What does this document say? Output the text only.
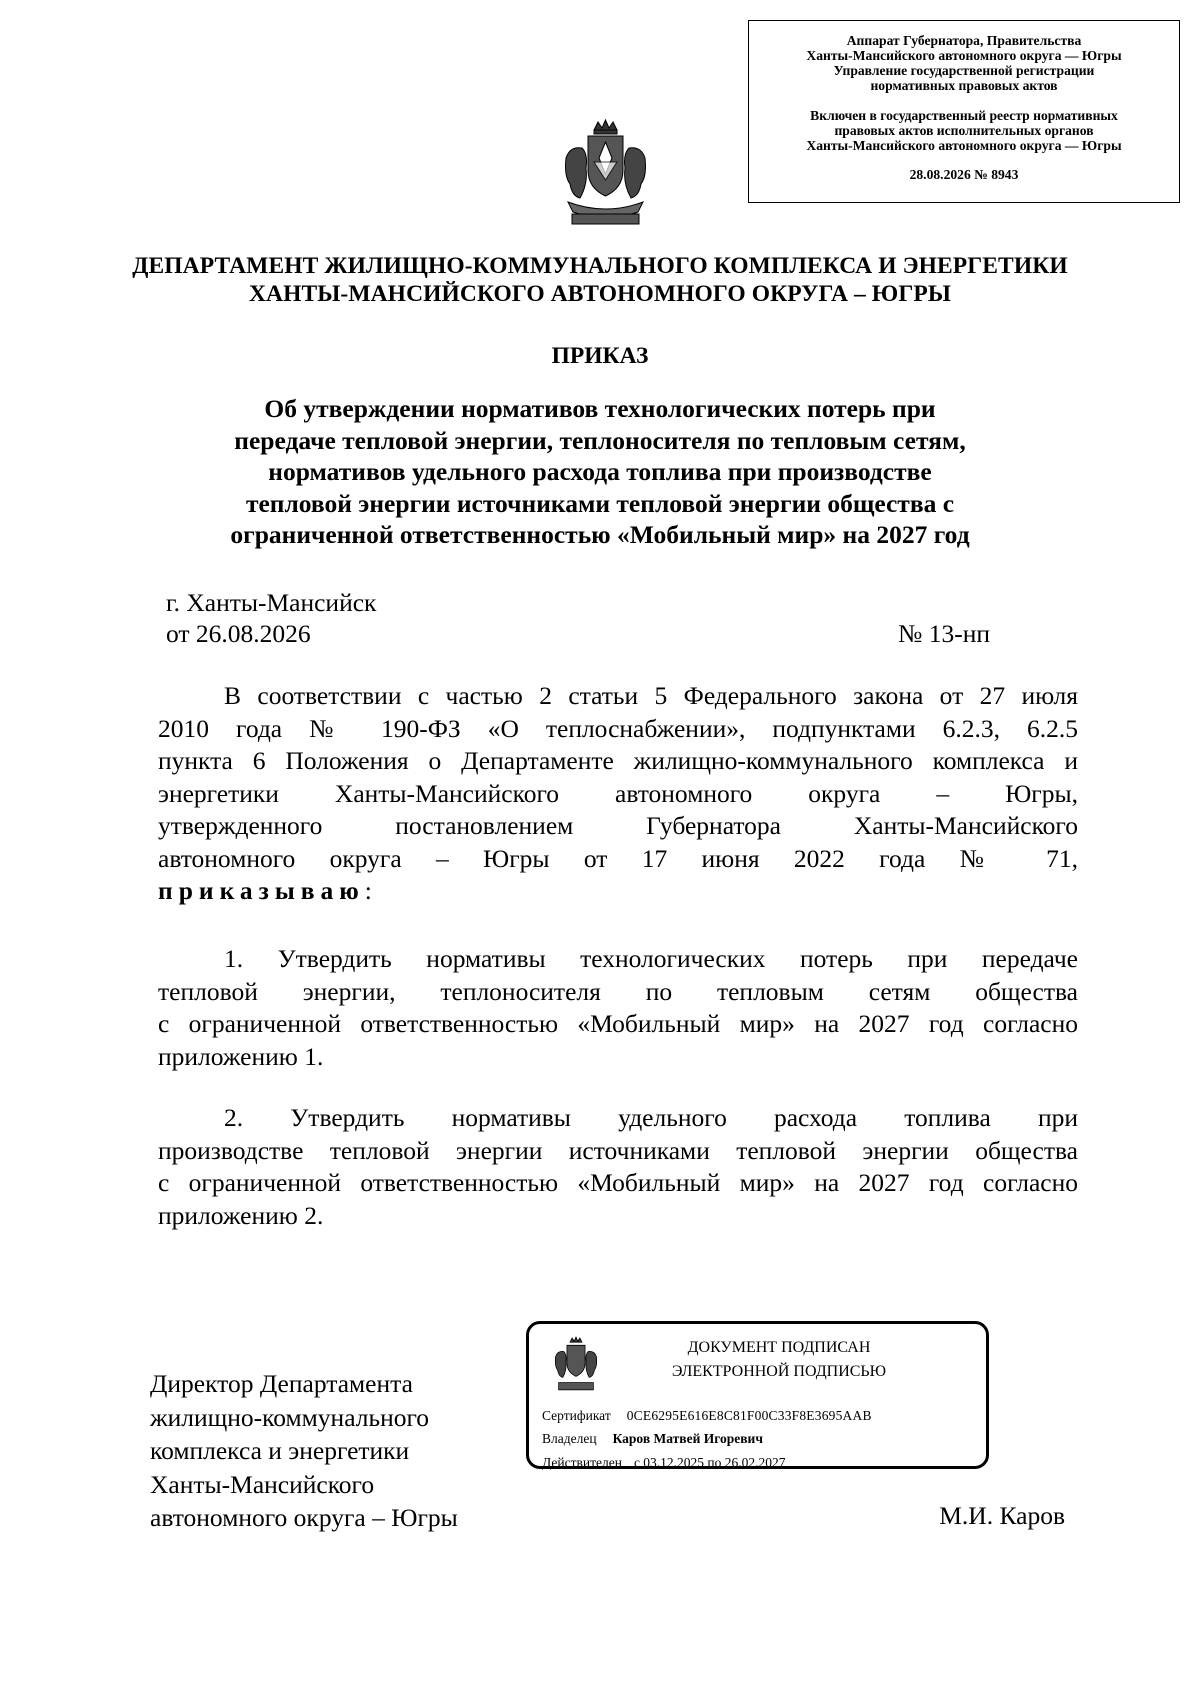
Аппарат Губернатора, Правительства
Ханты-Мансийского автономного округа — Югры
Управление государственной регистрации
нормативных правовых актов
Включен в государственный реестр нормативных
правовых актов исполнительных органов
Ханты-Мансийского автономного округа — Югры
28.08.2026 № 8943
ДЕПАРТАМЕНТ ЖИЛИЩНО-КОММУНАЛЬНОГО КОМПЛЕКСА И ЭНЕРГЕТИКИ
ХАНТЫ-МАНСИЙСКОГО АВТОНОМНОГО ОКРУГА – ЮГРЫ
ПРИКАЗ
Об утверждении нормативов технологических потерь при
передаче тепловой энергии, теплоносителя по тепловым сетям,
нормативов удельного расхода топлива при производстве
тепловой энергии источниками тепловой энергии общества с
ограниченной ответственностью «Мобильный мир» на 2027 год
г. Ханты-Мансийск
от 26.08.2026	№ 13-нп
В соответствии с частью 2 статьи 5 Федерального закона от 27 июля
2010 года № 190-ФЗ «О теплоснабжении», подпунктами 6.2.3, 6.2.5
пункта 6 Положения о Департаменте жилищно-коммунального комплекса и
энергетики Ханты-Мансийского автономного округа – Югры,
утвержденного постановлением Губернатора Ханты-Мансийского
автономного округа – Югры от 17 июня 2022 года № 71,
приказываю:
1. Утвердить нормативы технологических потерь при передаче
тепловой энергии, теплоносителя по тепловым сетям общества
с ограниченной ответственностью «Мобильный мир» на 2027 год согласно
приложению 1.
2. Утвердить нормативы удельного расхода топлива при
производстве тепловой энергии источниками тепловой энергии общества
с ограниченной ответственностью «Мобильный мир» на 2027 год согласно
приложению 2.
Директор Департамента
жилищно-коммунального
комплекса и энергетики
Ханты-Мансийского
автономного округа – Югры
ДОКУМЕНТ ПОДПИСАН
ЭЛЕКТРОННОЙ ПОДПИСЬЮ
Сертификат 0CE6295E616E8C81F00C33F8E3695AAB
Владелец Каров Матвей Игоревич
Действителен с 03.12.2025 по 26.02.2027
М.И. Каров
